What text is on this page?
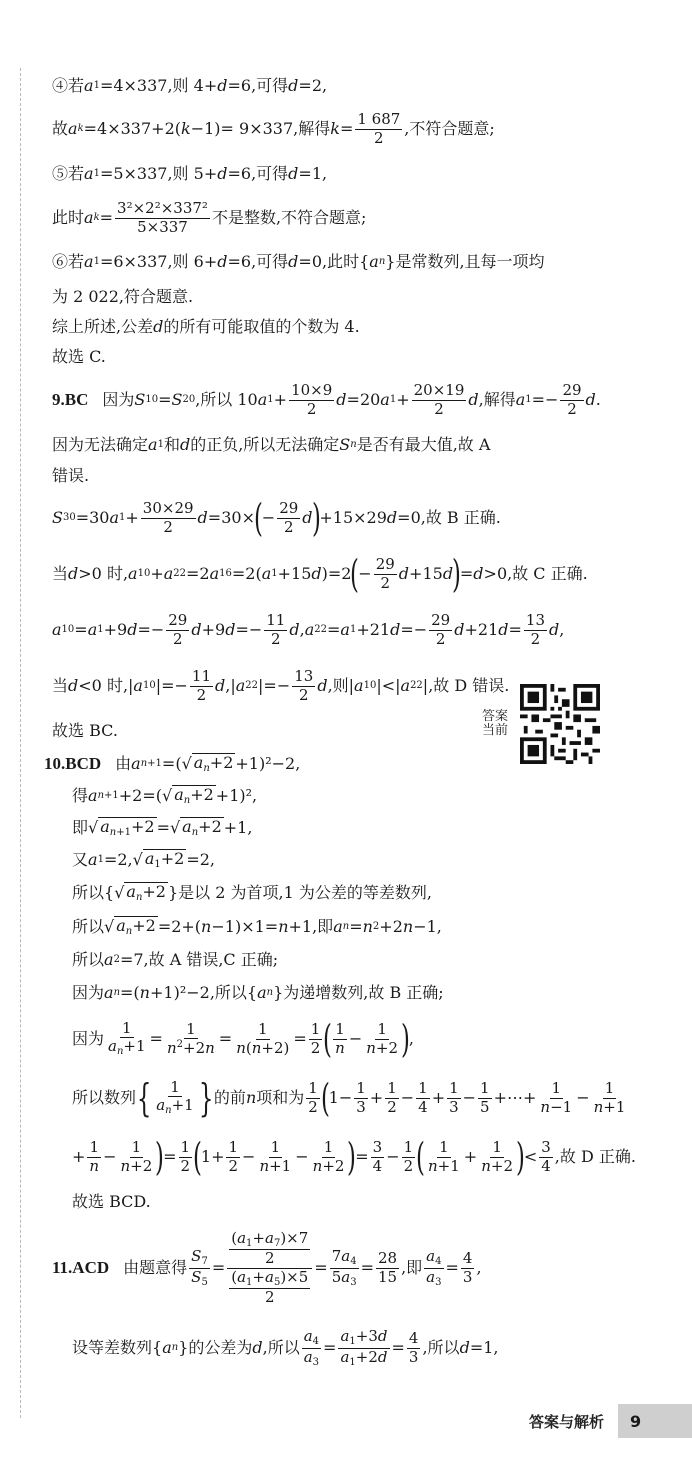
④若 a 1 =4×337,则 4+ d =6,可得 d =2,
故 a k =4×337+2( k −1)= 9×337,解得 $k = \frac{1 687}{2}$ ,不符合题意;
⑤若 a 1 =5×337,则 5+ d =6,可得 d =1,
此时 a $k = \frac{\text{3²×2²×337²}}{5\times 337}$ 不是整数,不符合题意;
⑥若 a 1 =6×337,则 6+ d =6,可得 d =0,此时{ a n }是常数列,且每一项均
为 2 022,符合题意.
综上所述,公差 d 的所有可能取值的个数为 4.
故选 C.
9.BC 因为 S 10 = S 20 ,所以 10 a $1 + \frac{10\times 9}{2}$ d =20 a $1 + \frac{20\times 19}{2}$ d ,解得 a $1 =- \frac{29}{2}$ d .
因为无法确定 a 1 和 d 的正负,所以无法确定 S n 是否有最大值,故 A
错误.
S 30 =30 a $1 + \frac{30\times 29}{2}$ d =30×
(
− $\frac{29}{2}$ d
)
+15×29 d =0,故 B 正确.
当 d >0 时, a 10 + a 22 =2 a 16 =2( a 1 +15 d )=2
(
− $\frac{29}{2}$ d +15 d
)
= d >0,故 C 正确.
a 10 = a 1 +9 $d =- \frac{29}{2}$ d +9 $d =- \frac{11}{2}$ d , a 22 = a 1 +21 $d =- \frac{29}{2}$ d +21 $d = \frac{13}{2}$ d ,
当 d <0 时,| a 10 |=− $\frac{11}{2}$ d ,| a 22 |=− $\frac{13}{2}$ d ,则| a 10 |<| a 22 |,故 D 错误.
故选 BC.
10.BCD 由 a n+1 =( √ $a_n+2 +1)^2-2$,
得 a n+1 +2=( √ $a_n+2 +1)^2$,
即 √ $a_{n+1}+2$ = √ $a_n+2 +1$,
又 a 1 =2, √ $a_1+2 =2$,
所以{ √ $a_n+2$ }是以 2 为首项,1 为公差的等差数列,
所以 √ $a_n+2 =2+$( n −1)×1= n +1,即 a n = n 2 +2 n −1,
所以 a 2 =7,故 A 错误,C 正确;
因为 a n =( n +1)²−2,所以{ a n }为递增数列,故 B 正确;
因为 $\frac{1}{a_n+1} = \frac{1}{n^2+2n} = \frac{1}{n(n+2)} = \frac{1}{2}$ ( $\frac{1}{n} - \frac{1}{n+2}$ )
,
所以数列 { $\frac{1}{a_n+1}$ } 的前 n 项和为 $\frac{1}{2}$ (
$1- \frac{1}{3} + \frac{1}{2} - \frac{1}{4} + \frac{1}{3} - \frac{1}{5}$ +⋯+ $\frac{1}{n-1} - \frac{1}{n+1}$
+ $\frac{1}{n} - \frac{1}{n+2}$ )
= $\frac{1}{2}$ (
$1+ \frac{1}{2} - \frac{1}{n+1} - \frac{1}{n+2}$ )
= $\frac{3}{4} - \frac{1}{2}$ ( $\frac{1}{n+1} + \frac{1}{n+2}$ )
< $\frac{3}{4}$ ,故 D 正确.
故选 BCD.
11.ACD 由题意得 $\frac{S_7}{S_5} = \frac{\frac{(a_1+a_7)\times 7}{2}}{\frac{(a_1+a_5)\times 5}{2}} = \frac{7a_4}{5a_3} = \frac{28}{15}$ ,即 $\frac{a_4}{a_3} = \frac{4}{3}$ ,
设等差数列{ a n }的公差为 d ,所以 $\frac{a_4}{a_3} = \frac{a_1+3d}{a_1+2d} = \frac{4}{3}$ ,所以 d =1,
答案当前
答案与解析	9
